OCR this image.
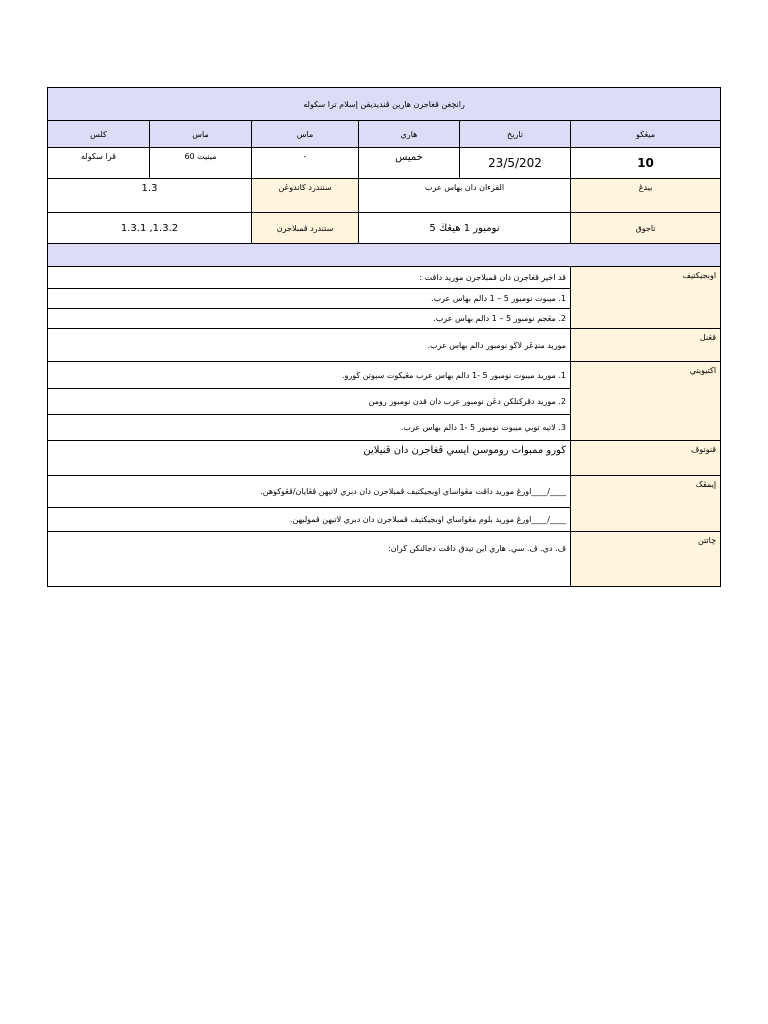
رانچغن ڤغاجرن هارين ڤنديديقن إسلام ترا سكوله					
كلس	ماس	ماس	هاري	تاريخ	ميڠڬو
ڤرا سكوله	60 مينيت	-	خميس	23/5/202	10
1.3		ستندرد كاندوڠن	القرءان دان بهاس عرب		بيدڠ
1.3.1 ,1.3.2		ستندرد ڤمبلاجرن	نومبور 1 هيڠڬ 5		تاجوق

ڤد اخير ڤغاجرن دان ڤمبلاجرن موريد داڤت :					اوبجيكتيف
1. ميبوت نومبور 5 – 1 دالم بهاس عرب.					
2. مڠجم نومبور 5 – 1 دالم بهاس عرب.					
موريد منډڠر لاڬو نومبور دالم بهاس عرب.					ڤڠنل
1. موريد ميبوت نومبور 5 -1 دالم بهاس عرب مڠيكوت سبوتن ڬورو.					اكتيويتي
2. موريد دڤركنلكن دڠن نومبور عرب دان قدن نومبور رومن					
3. لاتيه توبي ميبوت نومبور 5 -1 دالم بهاس عرب.					
ڬورو ممبوات روموسن ايسي ڤغاجرن دان ڤنيلاين					ڤنوتوڤ
____/____اورڠ موريد داڤت مڠواساي اوبجيكتيف ڤمبلاجرن دان دبري لاتيهن ڤڠايان/ڤڠوكوهن.					إيمڤک
____/____اورڠ موريد بلوم مڠواساي اوبجيكتيف ڤمبلاجرن دان دبري لاتيهن ڤموليهن.					
ڤ. دي. ڤ. سي. هاري اين تيدق داڤت دجالنكن كران:					چاتتن
